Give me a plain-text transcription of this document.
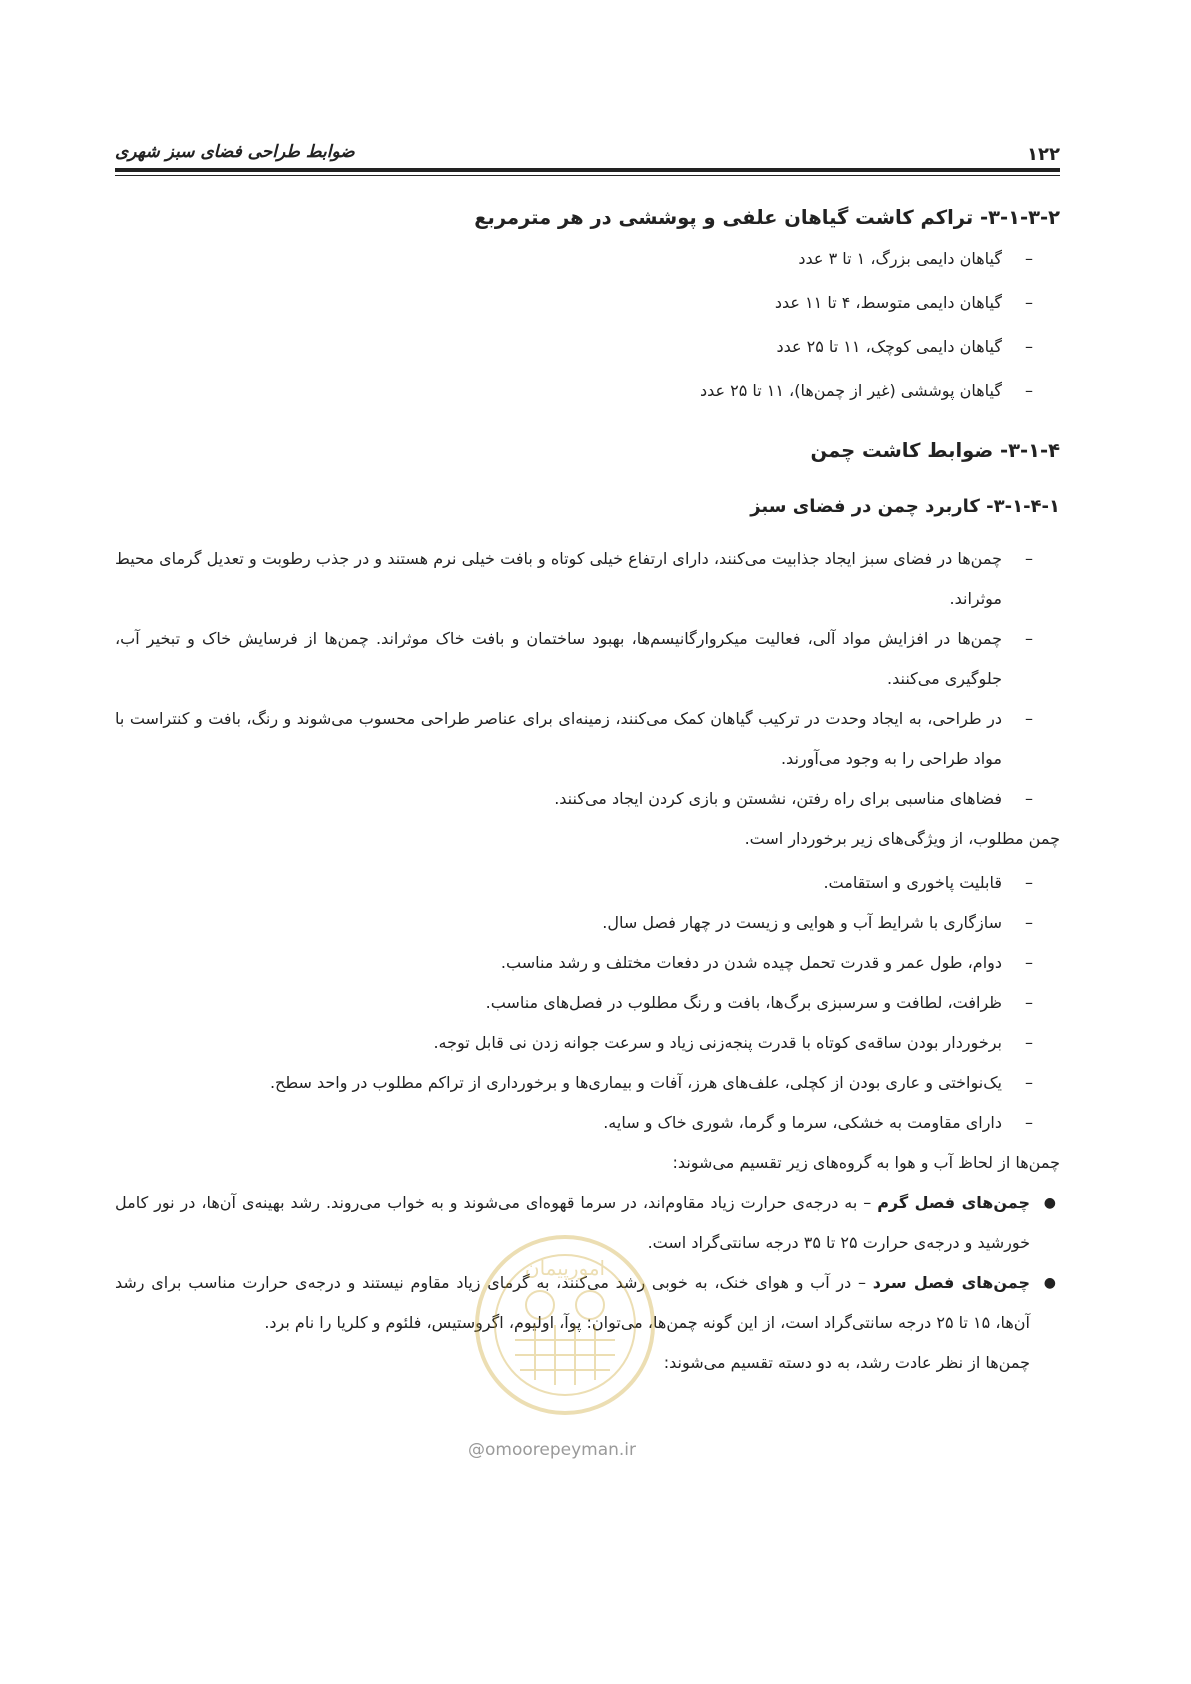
۱۲۲
ضوابط طراحی فضای سبز شهری
۳-۱-۳-۲- تراکم کاشت گیاهان علفی و پوششی در هر مترمربع
–
گیاهان دایمی بزرگ، ۱ تا ۳ عدد
–
گیاهان دایمی متوسط، ۴ تا ۱۱ عدد
–
گیاهان دایمی کوچک، ۱۱ تا ۲۵ عدد
–
گیاهان پوششی (غیر از چمن‌ها)، ۱۱ تا ۲۵ عدد
۳-۱-۴- ضوابط کاشت چمن
۳-۱-۴-۱- کاربرد چمن در فضای سبز
–
چمن‌ها در فضای سبز ایجاد جذابیت می‌کنند، دارای ارتفاع خیلی کوتاه و بافت خیلی نرم هستند و در جذب رطوبت و تعدیل گرمای محیط موثراند.
–
چمن‌ها در افزایش مواد آلی، فعالیت میکروارگانیسم‌ها، بهبود ساختمان و بافت خاک موثراند. چمن‌ها از فرسایش خاک و تبخیر آب، جلوگیری می‌کنند.
–
در طراحی، به ایجاد وحدت در ترکیب گیاهان کمک می‌کنند، زمینه‌ای برای عناصر طراحی محسوب می‌شوند و رنگ، بافت و کنتراست با مواد طراحی را به وجود می‌آورند.
–
فضاهای مناسبی برای راه رفتن، نشستن و بازی کردن ایجاد می‌کنند.

چمن مطلوب، از ویژگی‌های زیر برخوردار است.

–
قابلیت پاخوری و استقامت.
–
سازگاری با شرایط آب و هوایی و زیست در چهار فصل سال.
–
دوام، طول عمر و قدرت تحمل چیده شدن در دفعات مختلف و رشد مناسب.
–
ظرافت، لطافت و سرسبزی برگ‌ها، بافت و رنگ مطلوب در فصل‌های مناسب.
–
برخوردار بودن ساقه‌ی کوتاه با قدرت پنجه‌زنی زیاد و سرعت جوانه زدن نی قابل توجه.
–
یک‌نواختی و عاری بودن از کچلی، علف‌های هرز، آفات و بیماری‌ها و برخورداری از تراکم مطلوب در واحد سطح.
–
دارای مقاومت به خشکی، سرما و گرما، شوری خاک و سایه.

چمن‌ها از لحاظ آب و هوا به گروه‌های زیر تقسیم می‌شوند:

●
چمن‌های فصل گرم – به درجه‌ی حرارت زیاد مقاوم‌اند، در سرما قهوه‌ای می‌شوند و به خواب می‌روند. رشد بهینه‌ی آن‌ها، در نور کامل خورشید و درجه‌ی حرارت ۲۵ تا ۳۵ درجه سانتی‌گراد است.
●
چمن‌های فصل سرد – در آب و هوای خنک، به خوبی رشد می‌کنند، به گرمای زیاد مقاوم نیستند و درجه‌ی حرارت مناسب برای رشد آن‌ها، ۱۵ تا ۲۵ درجه سانتی‌گراد است، از این گونه چمن‌ها، می‌توان: پوآ، اولیوم، اگروستیس، فلئوم و کلریا را نام برد.

چمن‌ها از نظر عادت رشد، به دو دسته تقسیم می‌شوند:

امورپیمان
@omoorepeyman.ir
